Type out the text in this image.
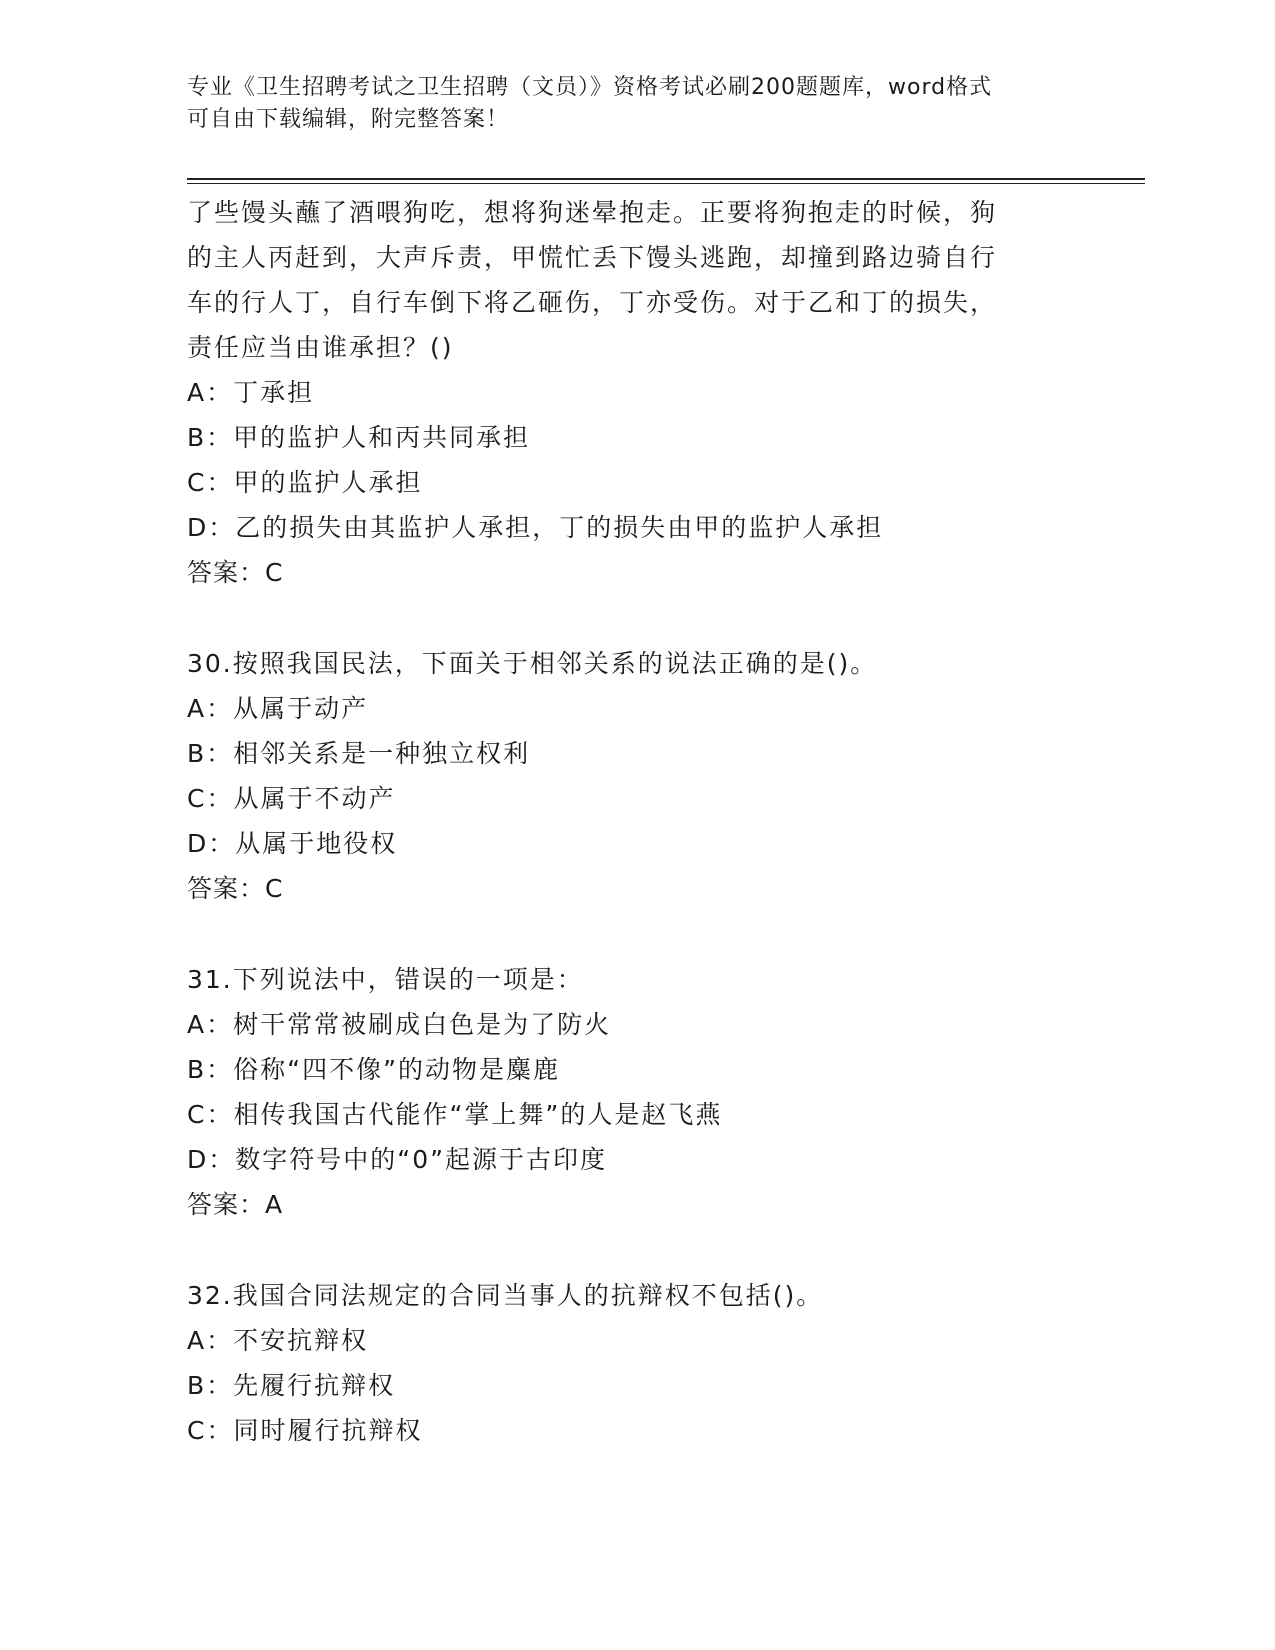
专业《卫生招聘考试之卫生招聘（文员）》资格考试必刷200题题库，word格式
可自由下载编辑，附完整答案！
了些馒头蘸了酒喂狗吃，想将狗迷晕抱走。正要将狗抱走的时候，狗
的主人丙赶到，大声斥责，甲慌忙丢下馒头逃跑，却撞到路边骑自行
车的行人丁，自行车倒下将乙砸伤，丁亦受伤。对于乙和丁的损失，
责任应当由谁承担？()
A：丁承担
B：甲的监护人和丙共同承担
C：甲的监护人承担
D：乙的损失由其监护人承担，丁的损失由甲的监护人承担
答案：C
30.按照我国民法，下面关于相邻关系的说法正确的是()。
A：从属于动产
B：相邻关系是一种独立权利
C：从属于不动产
D：从属于地役权
答案：C
31.下列说法中，错误的一项是：
A：树干常常被刷成白色是为了防火
B：俗称“四不像”的动物是麋鹿
C：相传我国古代能作“掌上舞”的人是赵飞燕
D：数字符号中的“0”起源于古印度
答案：A
32.我国合同法规定的合同当事人的抗辩权不包括()。
A：不安抗辩权
B：先履行抗辩权
C：同时履行抗辩权
